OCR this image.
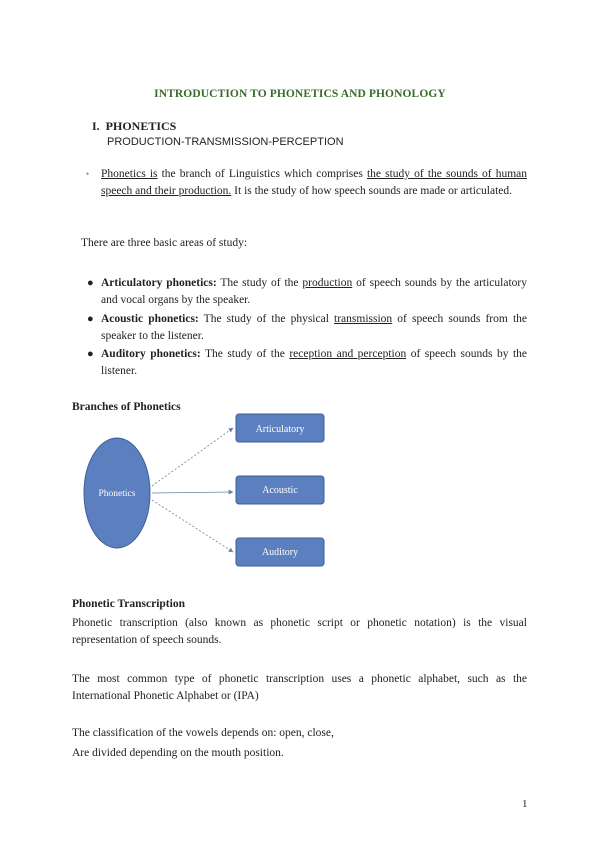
INTRODUCTION TO PHONETICS AND PHONOLOGY
I. PHONETICS
PRODUCTION-TRANSMISSION-PERCEPTION
• Phonetics is the branch of Linguistics which comprises the study of the sounds of human speech and their production. It is the study of how speech sounds are made or articulated.
There are three basic areas of study:
● Articulatory phonetics: The study of the production of speech sounds by the articulatory and vocal organs by the speaker.
● Acoustic phonetics: The study of the physical transmission of speech sounds from the speaker to the listener.
● Auditory phonetics: The study of the reception and perception of speech sounds by the listener.
Branches of Phonetics
Phonetics
Articulatory
Acoustic
Auditory
Phonetic Transcription
Phonetic transcription (also known as phonetic script or phonetic notation) is the visual representation of speech sounds.
The most common type of phonetic transcription uses a phonetic alphabet, such as the International Phonetic Alphabet or (IPA)
The classification of the vowels depends on: open, close,
Are divided depending on the mouth position.
1
